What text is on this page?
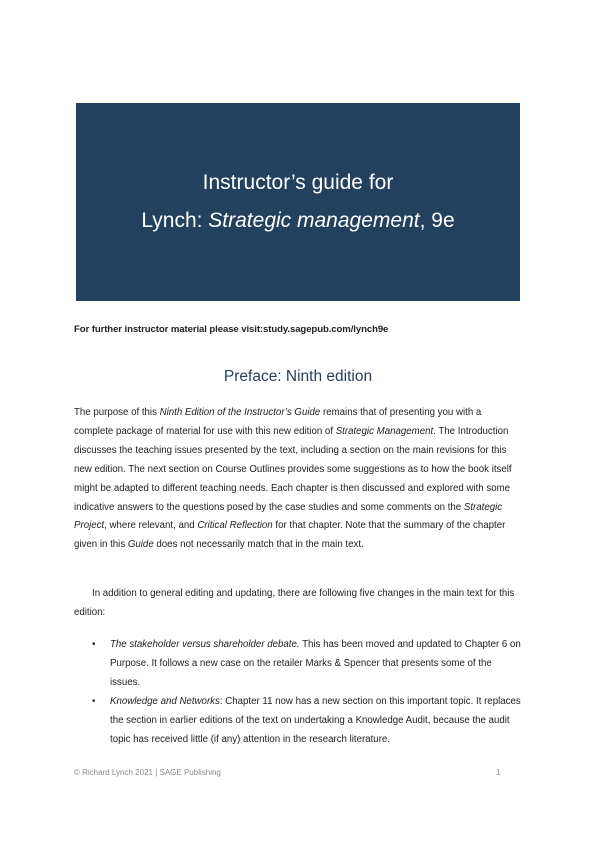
Instructor’s guide for
Lynch: Strategic management, 9e
For further instructor material please visit:study.sagepub.com/lynch9e
Preface: Ninth edition
The purpose of this Ninth Edition of the Instructor’s Guide remains that of presenting you with a complete package of material for use with this new edition of Strategic Management. The Introduction discusses the teaching issues presented by the text, including a section on the main revisions for this new edition. The next section on Course Outlines provides some suggestions as to how the book itself might be adapted to different teaching needs. Each chapter is then discussed and explored with some indicative answers to the questions posed by the case studies and some comments on the Strategic Project, where relevant, and Critical Reflection for that chapter. Note that the summary of the chapter given in this Guide does not necessarily match that in the main text.
In addition to general editing and updating, there are following five changes in the main text for this edition:
• The stakeholder versus shareholder debate. This has been moved and updated to Chapter 6 on Purpose. It follows a new case on the retailer Marks & Spencer that presents some of the issues.
• Knowledge and Networks: Chapter 11 now has a new section on this important topic. It replaces the section in earlier editions of the text on undertaking a Knowledge Audit, because the audit topic has received little (if any) attention in the research literature.
© Richard Lynch 2021 | SAGE Publishing	1
